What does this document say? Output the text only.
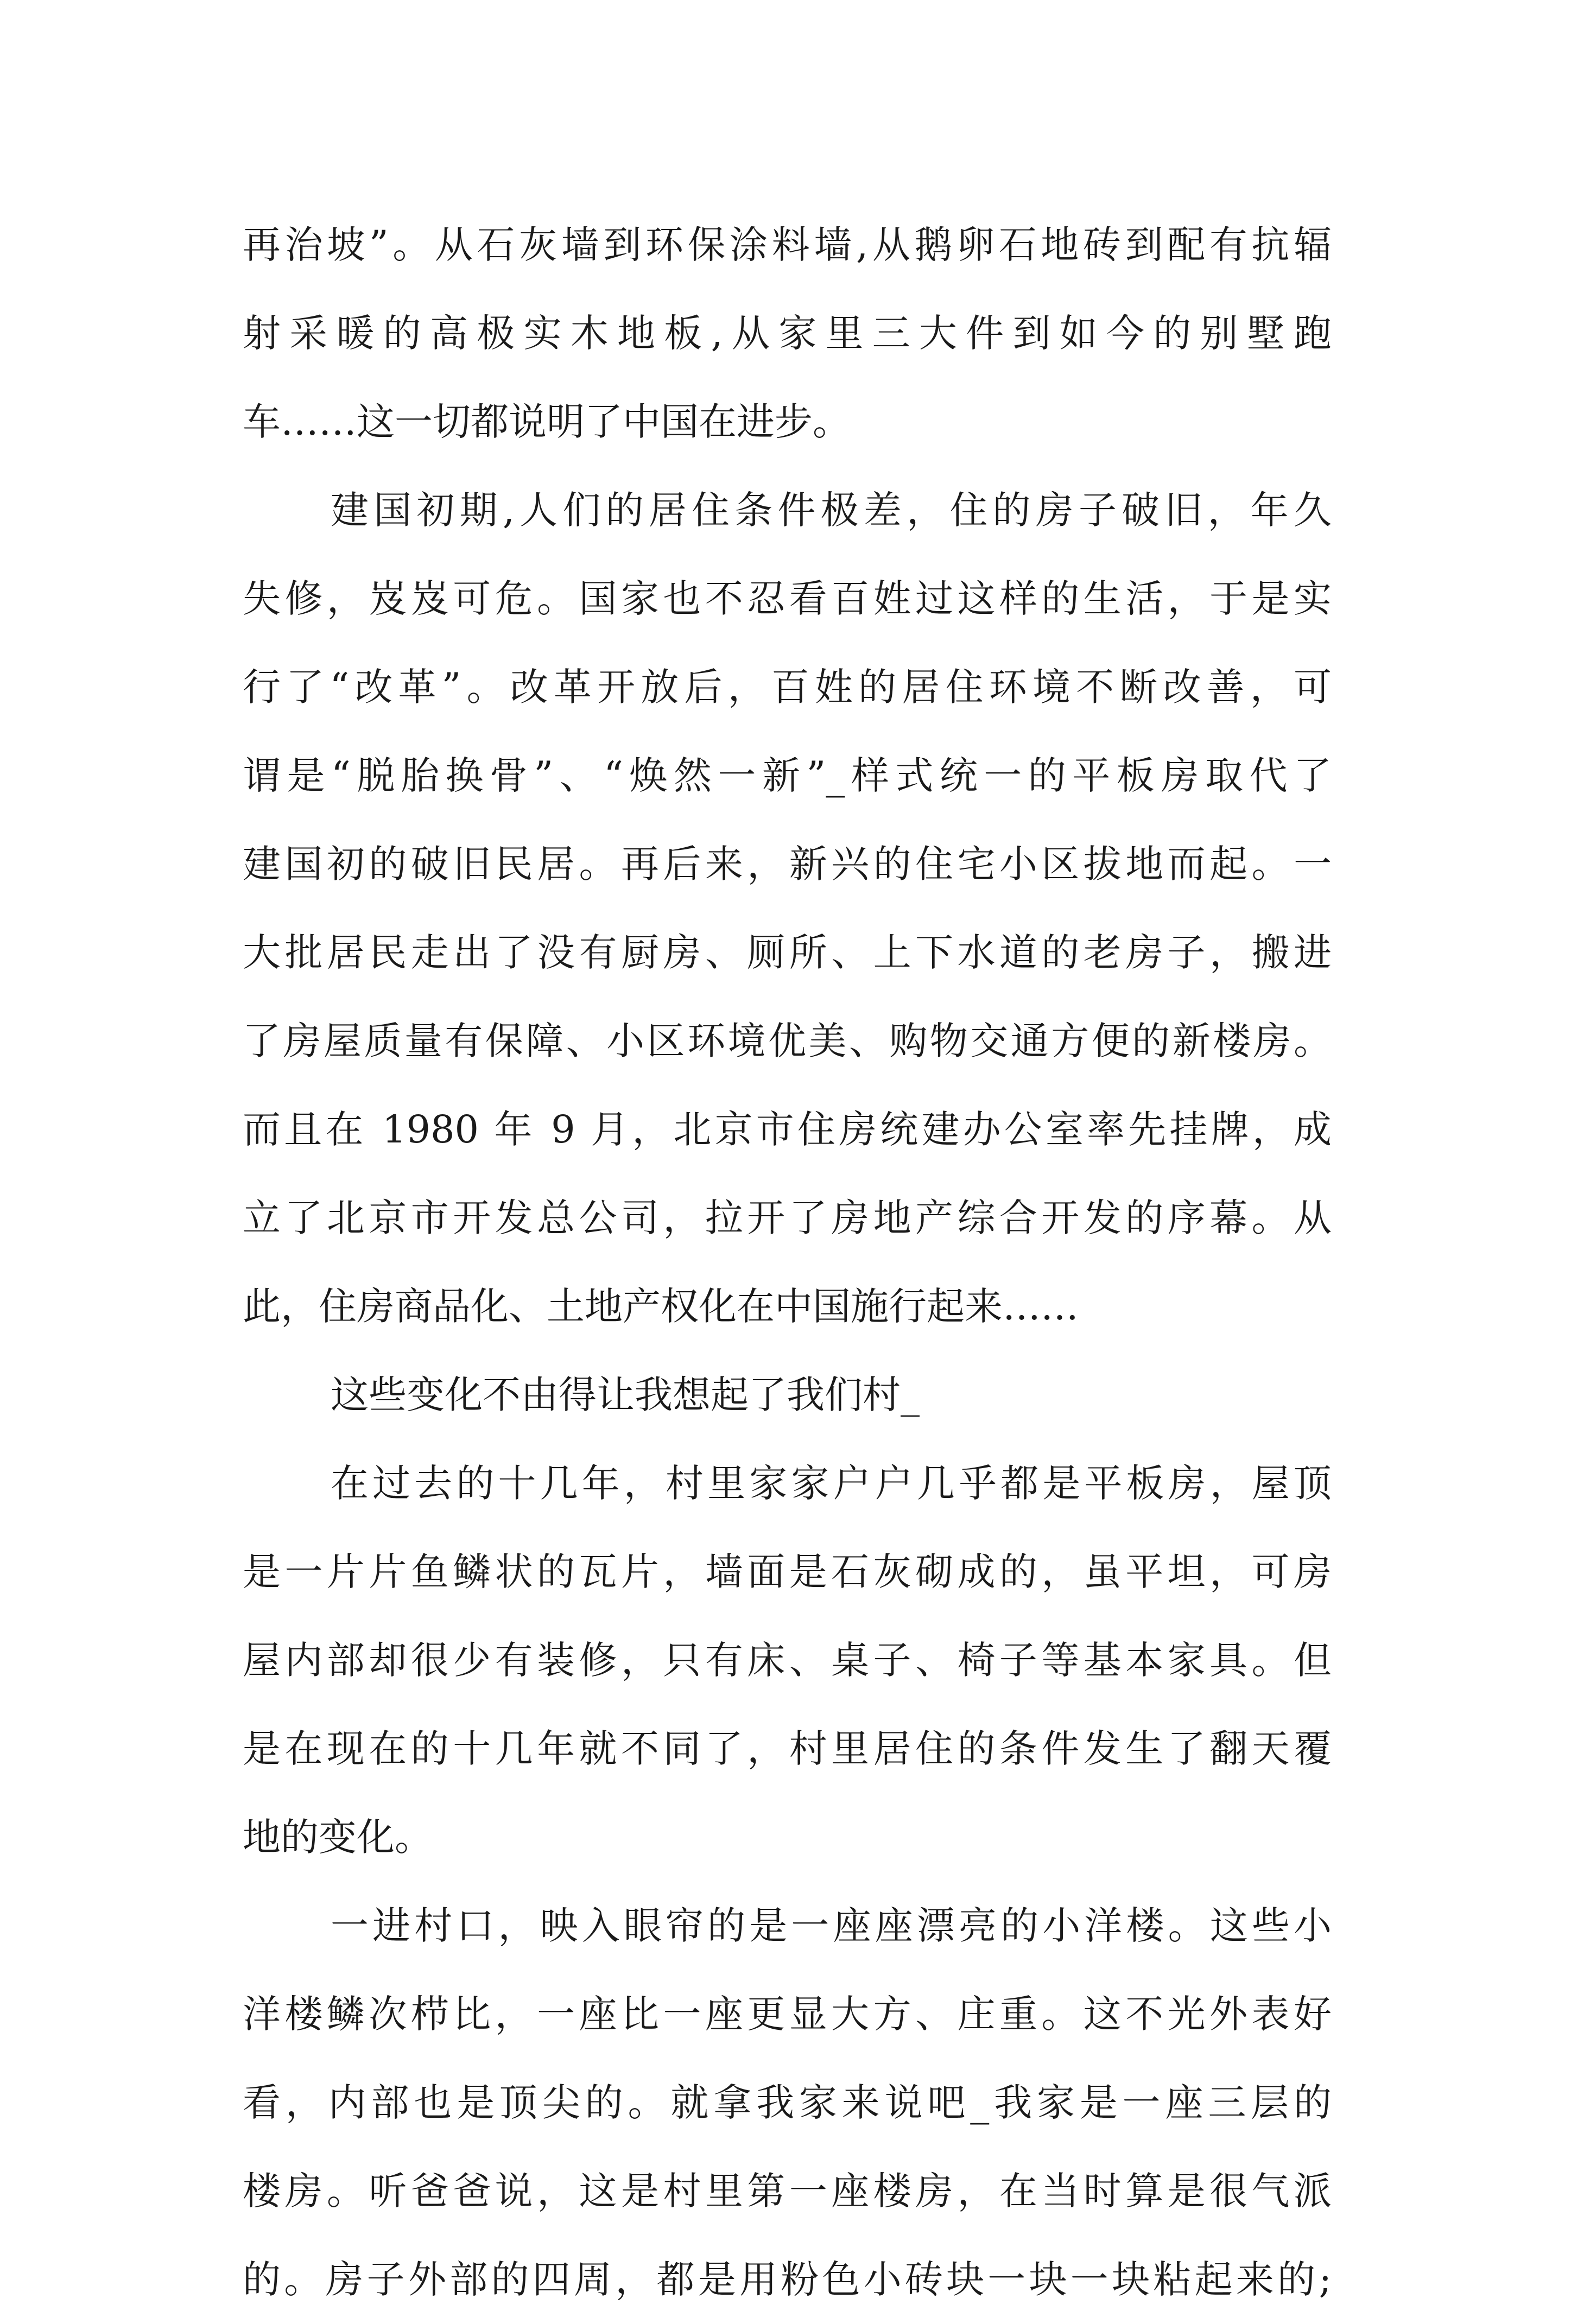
再治坡”。从石灰墙到环保涂料墙,从鹅卵石地砖到配有抗辐
射采暖的高极实木地板,从家里三大件到如今的别墅跑
车……这一切都说明了中国在进步。
建国初期,人们的居住条件极差，住的房子破旧，年久
失修，岌岌可危。国家也不忍看百姓过这样的生活，于是实
行了“改革”。改革开放后，百姓的居住环境不断改善，可
谓是“脱胎换骨”、“焕然一新”_样式统一的平板房取代了
建国初的破旧民居。再后来，新兴的住宅小区拔地而起。一
大批居民走出了没有厨房、厕所、上下水道的老房子，搬进
了房屋质量有保障、小区环境优美、购物交通方便的新楼房。
而且在 1980 年 9 月，北京市住房统建办公室率先挂牌，成
立了北京市开发总公司，拉开了房地产综合开发的序幕。从
此，住房商品化、土地产权化在中国施行起来……
这些变化不由得让我想起了我们村_
在过去的十几年，村里家家户户几乎都是平板房，屋顶
是一片片鱼鳞状的瓦片，墙面是石灰砌成的，虽平坦，可房
屋内部却很少有装修，只有床、桌子、椅子等基本家具。但
是在现在的十几年就不同了，村里居住的条件发生了翻天覆
地的变化。
一进村口，映入眼帘的是一座座漂亮的小洋楼。这些小
洋楼鳞次栉比，一座比一座更显大方、庄重。这不光外表好
看，内部也是顶尖的。就拿我家来说吧_我家是一座三层的
楼房。听爸爸说，这是村里第一座楼房，在当时算是很气派
的。房子外部的四周，都是用粉色小砖块一块一块粘起来的;
